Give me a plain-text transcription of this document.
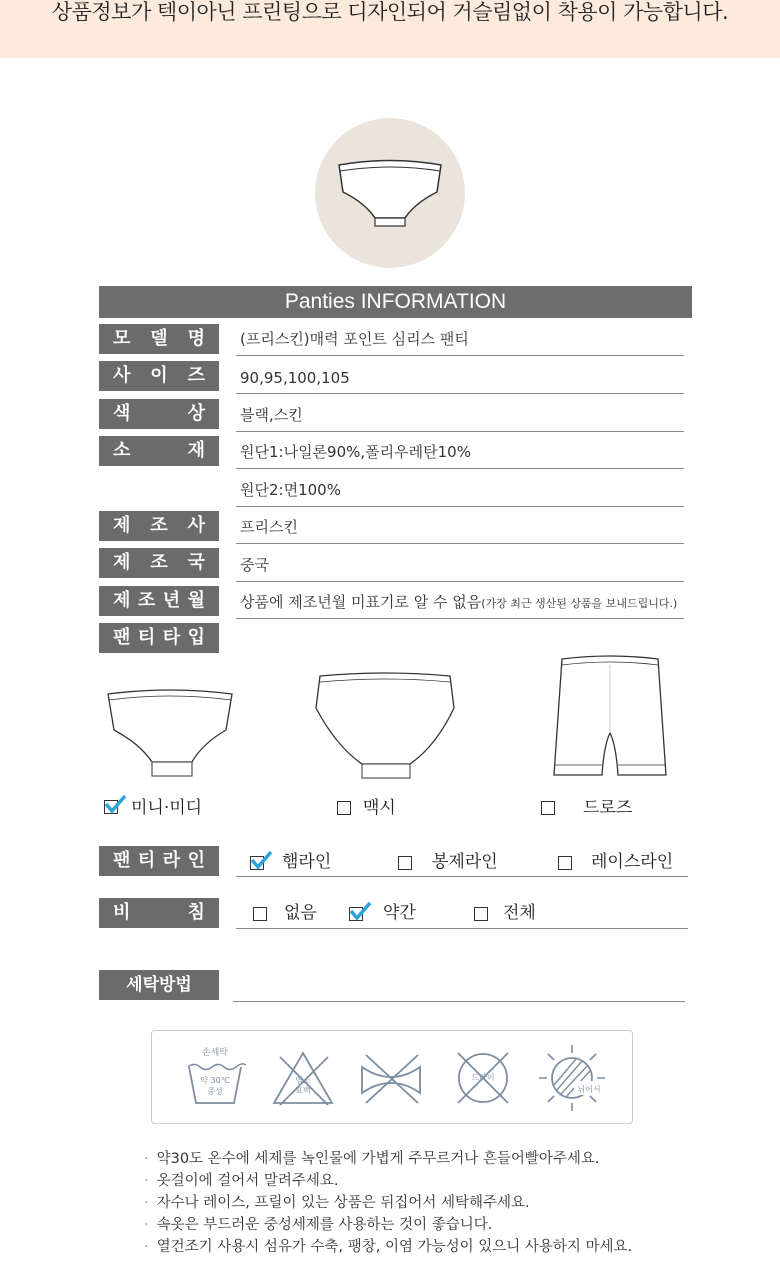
상품정보가 텍이아닌 프린팅으로 디자인되어 거슬림없이 착용이 가능합니다.
Panties INFORMATION
모 델 명 (프리스킨)매력 포인트 심리스 팬티
사 이 즈 90,95,100,105
색	상 블랙,스킨
소	재 원단1:나일론90%,폴리우레탄10%
원단2:면100%
제 조 사 프리스킨
제 조 국 중국
제 조 년 월 상품에 제조년월 미표기로 알 수 없음(가장 최근 생산된 상품을 보내드립니다.)
팬 티 타 입
미니·미디	맥시	드로즈
팬 티 라 인	햄라인	봉제라인	레이스라인
비	침	없음	약간	전체
세탁방법
손세탁
약 30℃
중성
염소
표백
드라이
뉘어서
· 약30도 온수에 세제를 녹인물에 가볍게 주무르거나 흔들어빨아주세요.
· 옷걸이에 걸어서 말려주세요.
· 자수나 레이스, 프릴이 있는 상품은 뒤집어서 세탁해주세요.
· 속옷은 부드러운 중성세제를 사용하는 것이 좋습니다.
· 열건조기 사용시 섬유가 수축, 팽창, 이염 가능성이 있으니 사용하지 마세요.
